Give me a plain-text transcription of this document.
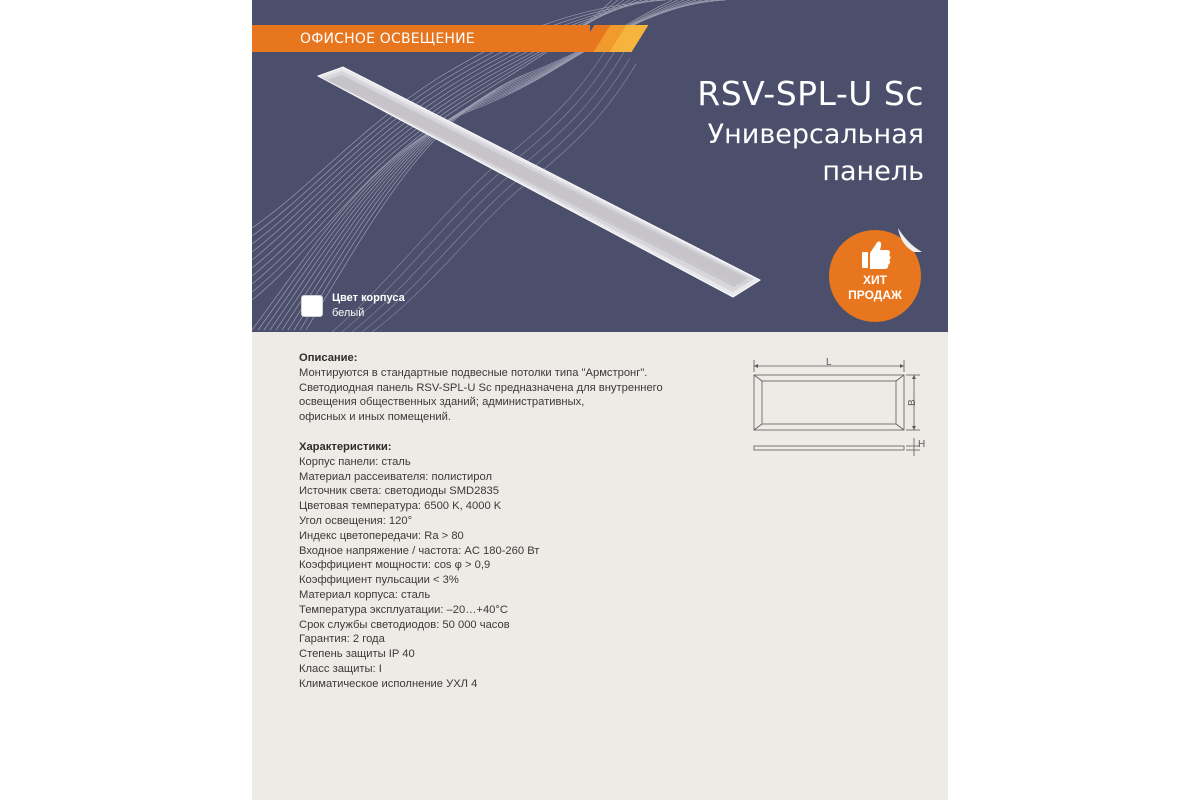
ОФИСНОЕ ОСВЕЩЕНИЕ
RSV-SPL-U Sc
Универсальная
панель
ХИТ
ПРОДАЖ
Цвет корпуса
белый

Описание:

Монтируются в стандартные подвесные потолки типа "Армстронг".

Светодиодная панель RSV-SPL-U Sc предназначена для внутреннего

освещения общественных зданий; административных,

офисных и иных помещений.

Характеристики:

Корпус панели: сталь

Материал рассеивателя: полистирол

Источник света: светодиоды SMD2835

Цветовая температура: 6500 K, 4000 K

Угол освещения: 120°

Индекс цветопередачи: Ra > 80

Входное напряжение / частота: AC 180-260 Вт

Коэффициент мощности: cos φ > 0,9

Коэффициент пульсации < 3%

Материал корпуса: сталь

Температура эксплуатации: –20…+40°C

Срок службы светодиодов: 50 000 часов

Гарантия: 2 года

Степень защиты IP 40

Класс защиты: I

Климатическое исполнение УХЛ 4

L
B
H
